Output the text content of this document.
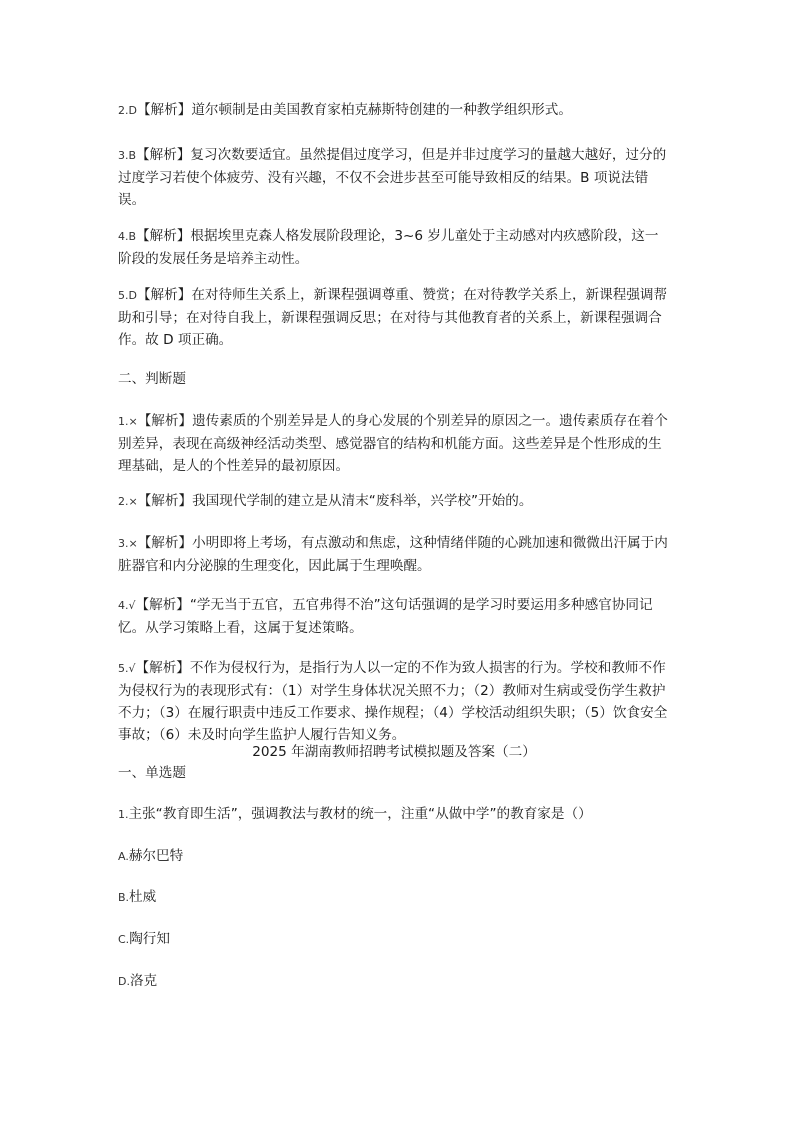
2.D【解析】道尔顿制是由美国教育家柏克赫斯特创建的一种教学组织形式。

3.B【解析】复习次数要适宜。虽然提倡过度学习，但是并非过度学习的量越大越好，过分的过度学习若使个体疲劳、没有兴趣，不仅不会进步甚至可能导致相反的结果。B 项说法错误。

4.B【解析】根据埃里克森人格发展阶段理论，3~6 岁儿童处于主动感对内疚感阶段，这一阶段的发展任务是培养主动性。

5.D【解析】在对待师生关系上，新课程强调尊重、赞赏；在对待教学关系上，新课程强调帮助和引导；在对待自我上，新课程强调反思；在对待与其他教育者的关系上，新课程强调合作。故 D 项正确。

二、判断题

1.×【解析】遗传素质的个别差异是人的身心发展的个别差异的原因之一。遗传素质存在着个别差异，表现在高级神经活动类型、感觉器官的结构和机能方面。这些差异是个性形成的生理基础，是人的个性差异的最初原因。

2.×【解析】我国现代学制的建立是从清末“废科举，兴学校”开始的。

3.×【解析】小明即将上考场，有点激动和焦虑，这种情绪伴随的心跳加速和微微出汗属于内脏器官和内分泌腺的生理变化，因此属于生理唤醒。

4.√【解析】“学无当于五官，五官弗得不治”这句话强调的是学习时要运用多种感官协同记忆。从学习策略上看，这属于复述策略。

5.√【解析】不作为侵权行为，是指行为人以一定的不作为致人损害的行为。学校和教师不作为侵权行为的表现形式有：（1）对学生身体状况关照不力；（2）教师对生病或受伤学生救护不力；（3）在履行职责中违反工作要求、操作规程；（4）学校活动组织失职；（5）饮食安全事故；（6）未及时向学生监护人履行告知义务。

2025 年湖南教师招聘考试模拟题及答案（二）

一、单选题

1.主张“教育即生活”，强调教法与教材的统一，注重“从做中学”的教育家是（）

A.赫尔巴特

B.杜威

C.陶行知

D.洛克
